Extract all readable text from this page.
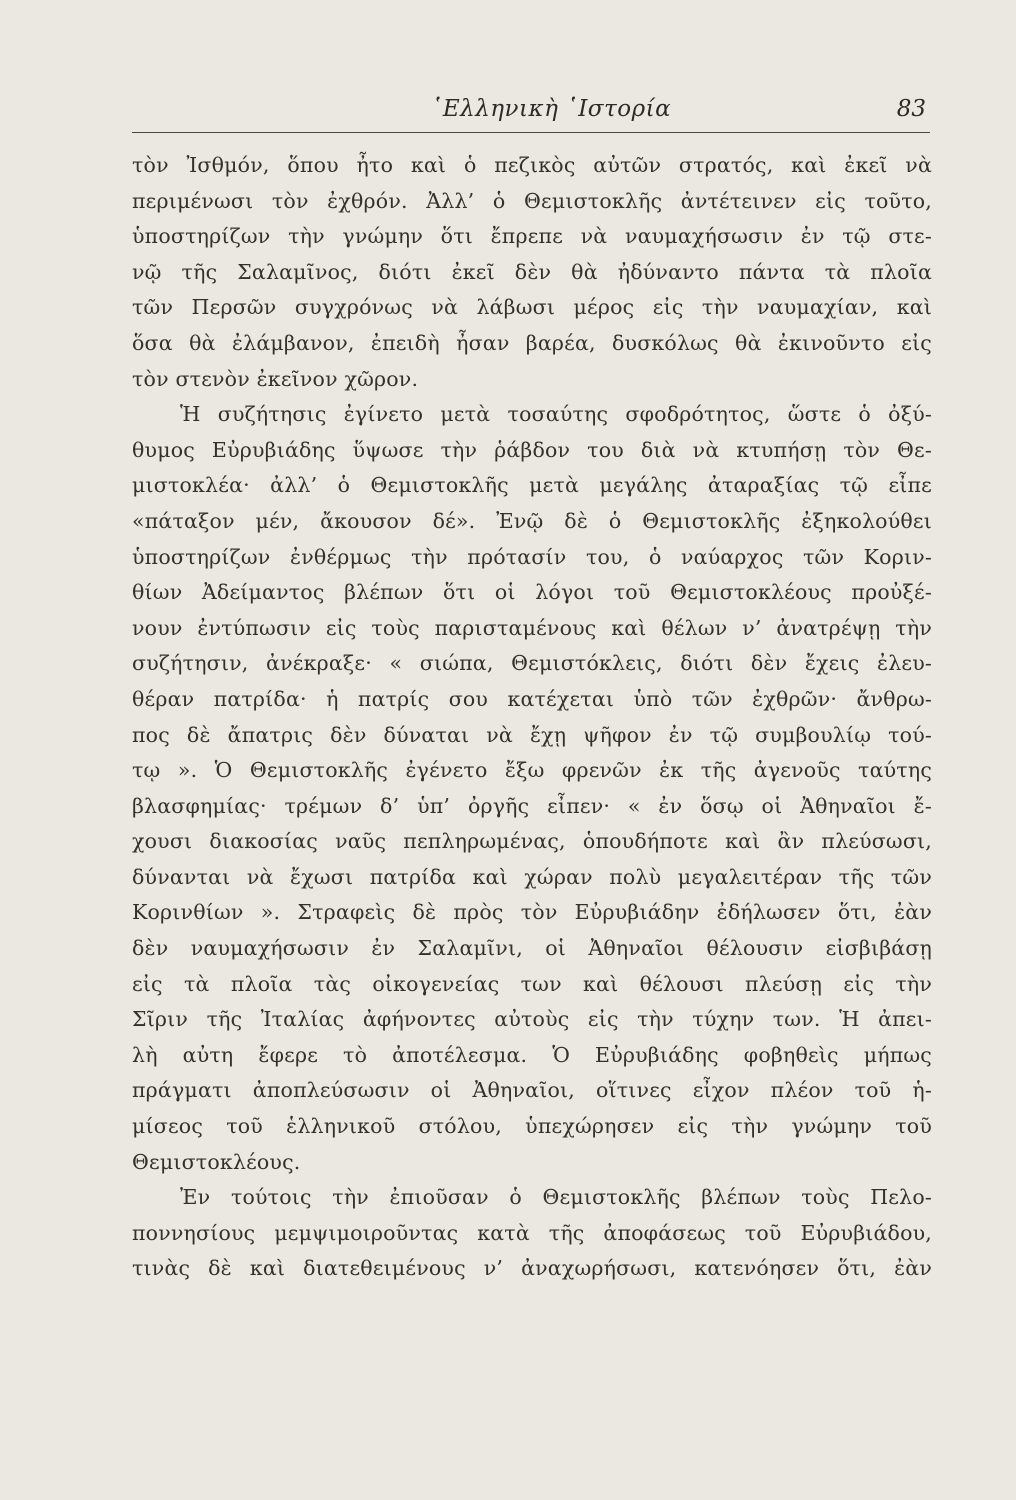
῾Ελληνικὴ ῾Ιστορία	83
τὸν Ἰσθμόν, ὅπου ἦτο καὶ ὁ πεζικὸς αὐτῶν στρατός, καὶ ἐκεῖ νὰ
περιμένωσι τὸν ἐχθρόν. Ἀλλ’ ὁ Θεμιστοκλῆς ἀντέτεινεν εἰς τοῦτο,
ὑποστηρίζων τὴν γνώμην ὅτι ἔπρεπε νὰ ναυμαχήσωσιν ἐν τῷ στε-
νῷ τῆς Σαλαμῖνος, διότι ἐκεῖ δὲν θὰ ἠδύναντο πάντα τὰ πλοῖα
τῶν Περσῶν συγχρόνως νὰ λάβωσι μέρος εἰς τὴν ναυμαχίαν, καὶ
ὅσα θὰ ἐλάμβανον, ἐπειδὴ ἦσαν βαρέα, δυσκόλως θὰ ἐκινοῦντο εἰς
τὸν στενὸν ἐκεῖνον χῶρον.
Ἡ συζήτησις ἐγίνετο μετὰ τοσαύτης σφοδρότητος, ὥστε ὁ ὀξύ-
θυμος Εὐρυβιάδης ὕψωσε τὴν ῥάβδον του διὰ νὰ κτυπήσῃ τὸν Θε-
μιστοκλέα· ἀλλ’ ὁ Θεμιστοκλῆς μετὰ μεγάλης ἀταραξίας τῷ εἶπε
«πάταξον μέν, ἄκουσον δέ». Ἐνῷ δὲ ὁ Θεμιστοκλῆς ἐξηκολούθει
ὑποστηρίζων ἐνθέρμως τὴν πρότασίν του, ὁ ναύαρχος τῶν Κοριν-
θίων Ἀδείμαντος βλέπων ὅτι οἱ λόγοι τοῦ Θεμιστοκλέους προὐξέ-
νουν ἐντύπωσιν εἰς τοὺς παρισταμένους καὶ θέλων ν’ ἀνατρέψῃ τὴν
συζήτησιν, ἀνέκραξε· « σιώπα, Θεμιστόκλεις, διότι δὲν ἔχεις ἐλευ-
θέραν πατρίδα· ἡ πατρίς σου κατέχεται ὑπὸ τῶν ἐχθρῶν· ἄνθρω-
πος δὲ ἄπατρις δὲν δύναται νὰ ἔχῃ ψῆφον ἐν τῷ συμβουλίῳ τού-
τῳ ». Ὁ Θεμιστοκλῆς ἐγένετο ἔξω φρενῶν ἐκ τῆς ἀγενοῦς ταύτης
βλασφημίας· τρέμων δ’ ὑπ’ ὀργῆς εἶπεν· « ἐν ὅσῳ οἱ Ἀθηναῖοι ἔ-
χουσι διακοσίας ναῦς πεπληρωμένας, ὁπουδήποτε καὶ ἂν πλεύσωσι,
δύνανται νὰ ἔχωσι πατρίδα καὶ χώραν πολὺ μεγαλειτέραν τῆς τῶν
Κορινθίων ». Στραφεὶς δὲ πρὸς τὸν Εὐρυβιάδην ἐδήλωσεν ὅτι, ἐὰν
δὲν ναυμαχήσωσιν ἐν Σαλαμῖνι, οἱ Ἀθηναῖοι θέλουσιν εἰσβιβάσῃ
εἰς τὰ πλοῖα τὰς οἰκογενείας των καὶ θέλουσι πλεύσῃ εἰς τὴν
Σῖριν τῆς Ἰταλίας ἀφήνοντες αὐτοὺς εἰς τὴν τύχην των. Ἡ ἀπει-
λὴ αὐτη ἔφερε τὸ ἀποτέλεσμα. Ὁ Εὐρυβιάδης φοβηθεὶς μήπως
πράγματι ἀποπλεύσωσιν οἱ Ἀθηναῖοι, οἵτινες εἶχον πλέον τοῦ ἡ-
μίσεος τοῦ ἑλληνικοῦ στόλου, ὑπεχώρησεν εἰς τὴν γνώμην τοῦ
Θεμιστοκλέους.
Ἐν τούτοις τὴν ἐπιοῦσαν ὁ Θεμιστοκλῆς βλέπων τοὺς Πελο-
ποννησίους μεμψιμοιροῦντας κατὰ τῆς ἀποφάσεως τοῦ Εὐρυβιάδου,
τινὰς δὲ καὶ διατεθειμένους ν’ ἀναχωρήσωσι, κατενόησεν ὅτι, ἐὰν
